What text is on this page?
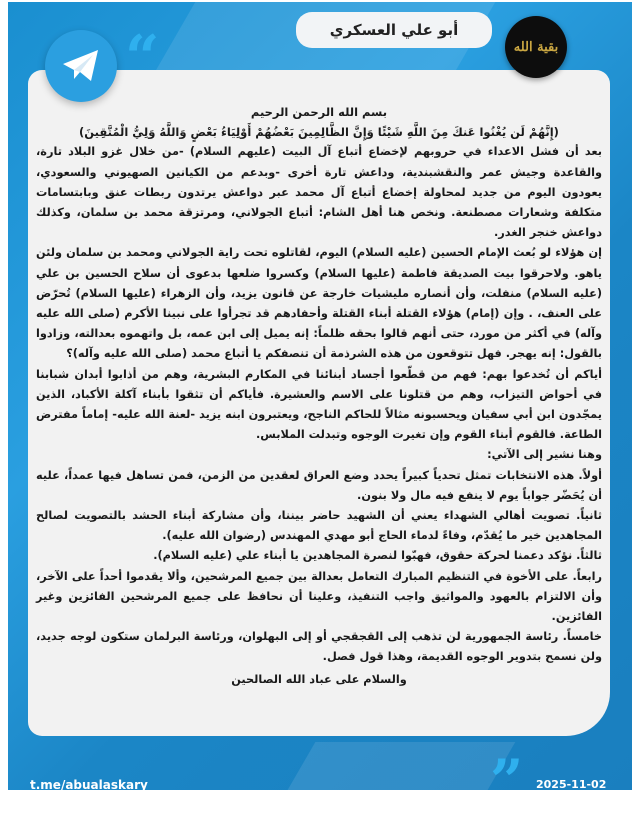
أبو علي العسكري
“	بقية الله
بسم الله الرحمن الرحيم
(إِنَّهُمْ لَن يُغْنُوا عَنكَ مِنَ اللَّهِ شَيْئًا وَإِنَّ الظَّالِمِينَ بَعْضُهُمْ أَوْلِيَاءُ بَعْضٍ وَاللَّهُ وَلِيُّ الْمُتَّقِينَ)

بعد أن فشل الاعداء في حروبهم لإخضاع أتباع آل البيت (عليهم السلام) -من خلال غزو البلاد تارة، والقاعدة وجيش عمر والنقشبندية، وداعش تارة أخرى -وبدعم من الكيانين الصهيوني والسعودي، يعودون اليوم من جديد لمحاولة إخضاع أتباع آل محمد عبر دواعش يرتدون ربطات عنق وبابتسامات متكلفة وشعارات مصطنعة. ونخص هنا أهل الشام: أتباع الجولاني، ومرتزقة محمد بن سلمان، وكذلك دواعش خنجر الغدر.

إن هؤلاء لو بُعث الإمام الحسين (عليه السلام) اليوم، لقاتلوه تحت راية الجولاني ومحمد بن سلمان ولئن ياهو. ولاحرقوا بيت الصديقة فاطمة (عليها السلام) وكسروا ضلعها بدعوى أن سلاح الحسين بن علي (عليه السلام) منفلت، وأن أنصاره مليشيات خارجة عن قانون يزيد، وأن الزهراء (عليها السلام) تُحرّض على العنف، . وإن (إمام) هؤلاء القتلة أبناء القتلة وأحفادهم قد تجرأوا على نبينا الأكرم (صلى الله عليه وآله) في أكثر من مورد، حتى أنهم قالوا بحقه ظلماً: إنه يميل إلى ابن عمه، بل واتهموه بعدالته، وزادوا بالقول: إنه يهجر. فهل تتوقعون من هذه الشرذمة أن تنصفكم يا أتباع محمد (صلى الله عليه وآله)؟

أياكم أن تُخدعوا بهم: فهم من قطّعوا أجساد أبنائنا في المكارم البشرية، وهم من أذابوا أبدان شبابنا في أحواض التيزاب، وهم من قتلونا على الاسم والعشيرة. فأياكم أن تثقوا بأبناء آكلة الأكباد، الذين يمجّدون ابن أبي سفيان ويحسبونه مثالاً للحاكم الناجح، ويعتبرون ابنه يزيد -لعنة الله عليه- إماماً مفترض الطاعة. فالقوم أبناء القوم وإن تغيرت الوجوه وتبدلت الملابس.

وهنا نشير إلى الآتي:

أولاً. هذه الانتخابات تمثل تحدياً كبيراً يحدد وضع العراق لعقدين من الزمن، فمن تساهل فيها عمداً، عليه أن يُحَضّر جواباً يوم لا ينفع فيه مال ولا بنون.

ثانياً. تصويت أهالي الشهداء يعني أن الشهيد حاضر بيننا، وأن مشاركة أبناء الحشد بالتصويت لصالح المجاهدين خير ما يُقدّم، وفاءً لدماء الحاج أبو مهدي المهندس (رضوان الله عليه).

ثالثاً. نؤكد دعمنا لحركة حقوق، فهبّوا لنصرة المجاهدين يا أبناء علي (عليه السلام).

رابعاً. على الأخوة في التنظيم المبارك التعامل بعدالة بين جميع المرشحين، وألا يقدموا أحداً على الآخر، وأن الالتزام بالعهود والمواثيق واجب التنفيذ، وعلينا أن نحافظ على جميع المرشحين الفائزين وغير الفائزين.

خامساً. رئاسة الجمهورية لن تذهب إلى القجقجي أو إلى البهلوان، ورئاسة البرلمان ستكون لوجه جديد، ولن نسمح بتدوير الوجوه القديمة، وهذا قول فصل.

والسلام على عباد الله الصالحين
”
t.me/abualaskary	2025-11-02
